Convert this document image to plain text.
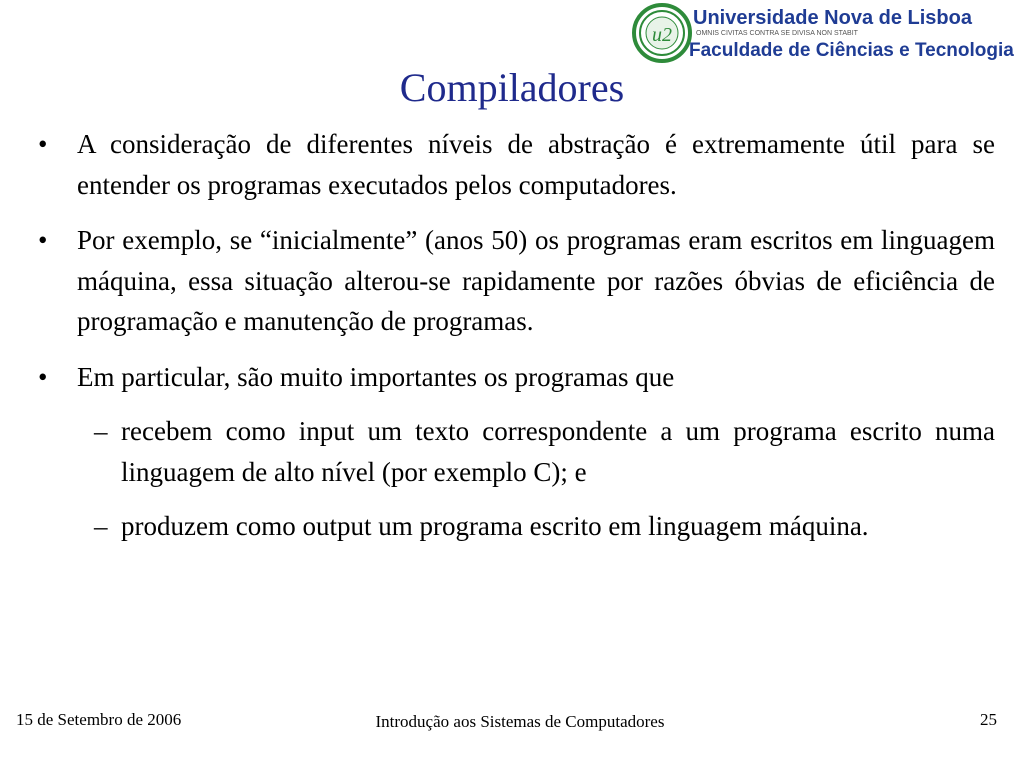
u2
Universidade Nova de Lisboa
OMNIS CIVITAS CONTRA SE DIVISA NON STABIT
Faculdade de Ciências e Tecnologia
Compiladores
•	A consideração de diferentes níveis de abstração é extremamente útil para se entender os programas executados pelos computadores.
•	Por exemplo, se “inicialmente” (anos 50) os programas eram escritos em linguagem máquina, essa situação alterou-se rapidamente por razões óbvias de eficiência de programação e manutenção de programas.
•	Em particular, são muito importantes os programas que
– recebem como input um texto correspondente a um programa escrito numa linguagem de alto nível (por exemplo C); e
– produzem como output um programa escrito em linguagem máquina.
15 de Setembro de 2006	Introdução aos Sistemas de Computadores	25
